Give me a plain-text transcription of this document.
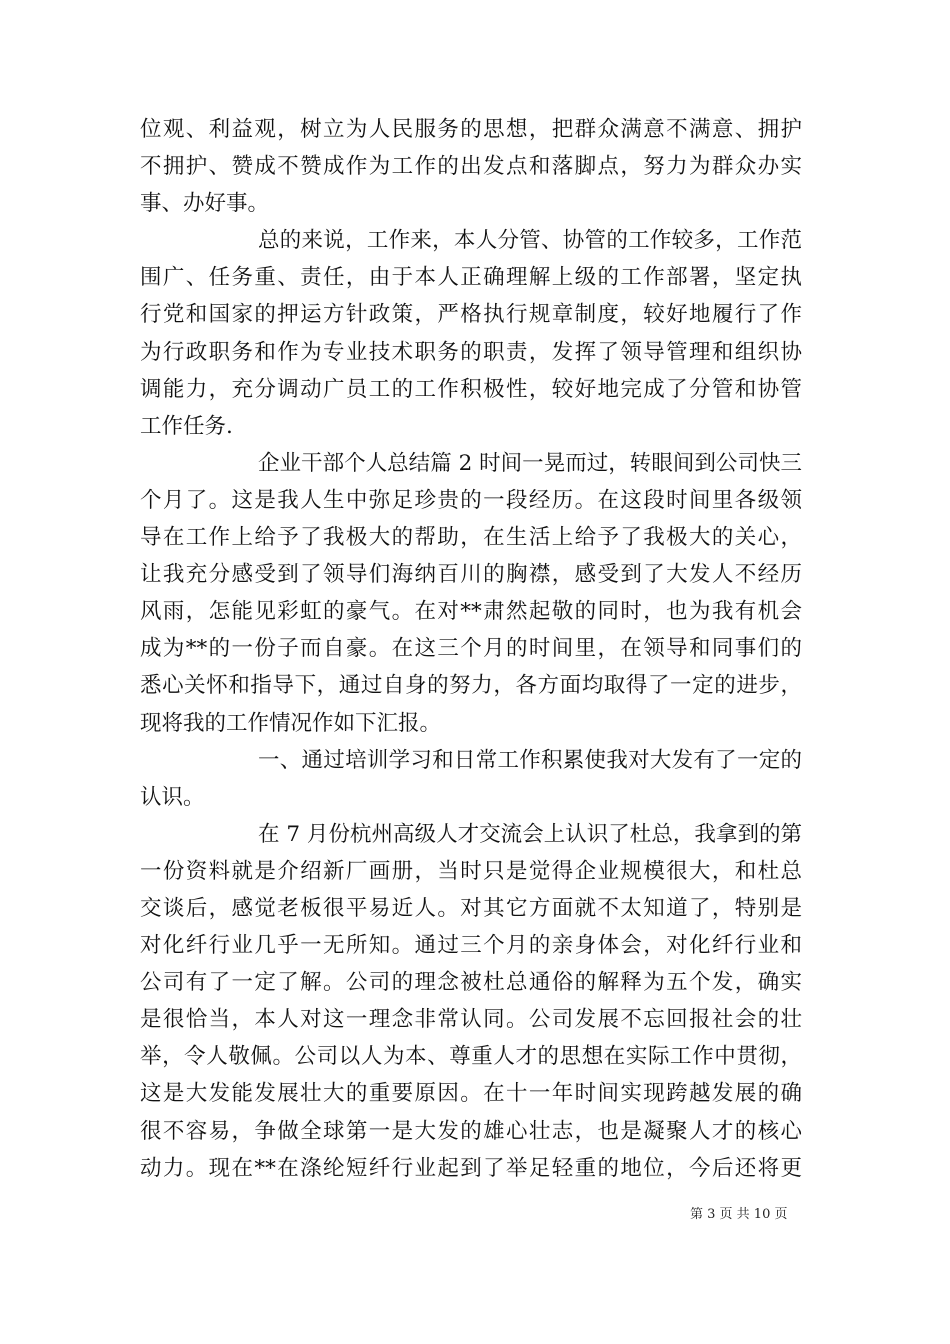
位观、利益观，树立为人民服务的思想，把群众满意不满意、拥护
不拥护、赞成不赞成作为工作的出发点和落脚点，努力为群众办实
事、办好事。
总的来说，工作来，本人分管、协管的工作较多，工作范
围广、任务重、责任，由于本人正确理解上级的工作部署，坚定执
行党和国家的押运方针政策，严格执行规章制度，较好地履行了作
为行政职务和作为专业技术职务的职责，发挥了领导管理和组织协
调能力，充分调动广员工的工作积极性，较好地完成了分管和协管
工作任务.
企业干部个人总结篇 2 时间一晃而过，转眼间到公司快三
个月了。这是我人生中弥足珍贵的一段经历。在这段时间里各级领
导在工作上给予了我极大的帮助，在生活上给予了我极大的关心，
让我充分感受到了领导们海纳百川的胸襟，感受到了大发人不经历
风雨，怎能见彩虹的豪气。在对**肃然起敬的同时，也为我有机会
成为**的一份子而自豪。在这三个月的时间里，在领导和同事们的
悉心关怀和指导下，通过自身的努力，各方面均取得了一定的进步，
现将我的工作情况作如下汇报。
一、通过培训学习和日常工作积累使我对大发有了一定的
认识。
在 7 月份杭州高级人才交流会上认识了杜总，我拿到的第
一份资料就是介绍新厂画册，当时只是觉得企业规模很大，和杜总
交谈后，感觉老板很平易近人。对其它方面就不太知道了，特别是
对化纤行业几乎一无所知。通过三个月的亲身体会，对化纤行业和
公司有了一定了解。公司的理念被杜总通俗的解释为五个发，确实
是很恰当，本人对这一理念非常认同。公司发展不忘回报社会的壮
举，令人敬佩。公司以人为本、尊重人才的思想在实际工作中贯彻，
这是大发能发展壮大的重要原因。在十一年时间实现跨越发展的确
很不容易，争做全球第一是大发的雄心壮志，也是凝聚人才的核心
动力。现在**在涤纶短纤行业起到了举足轻重的地位，今后还将更
第 3 页 共 10 页
